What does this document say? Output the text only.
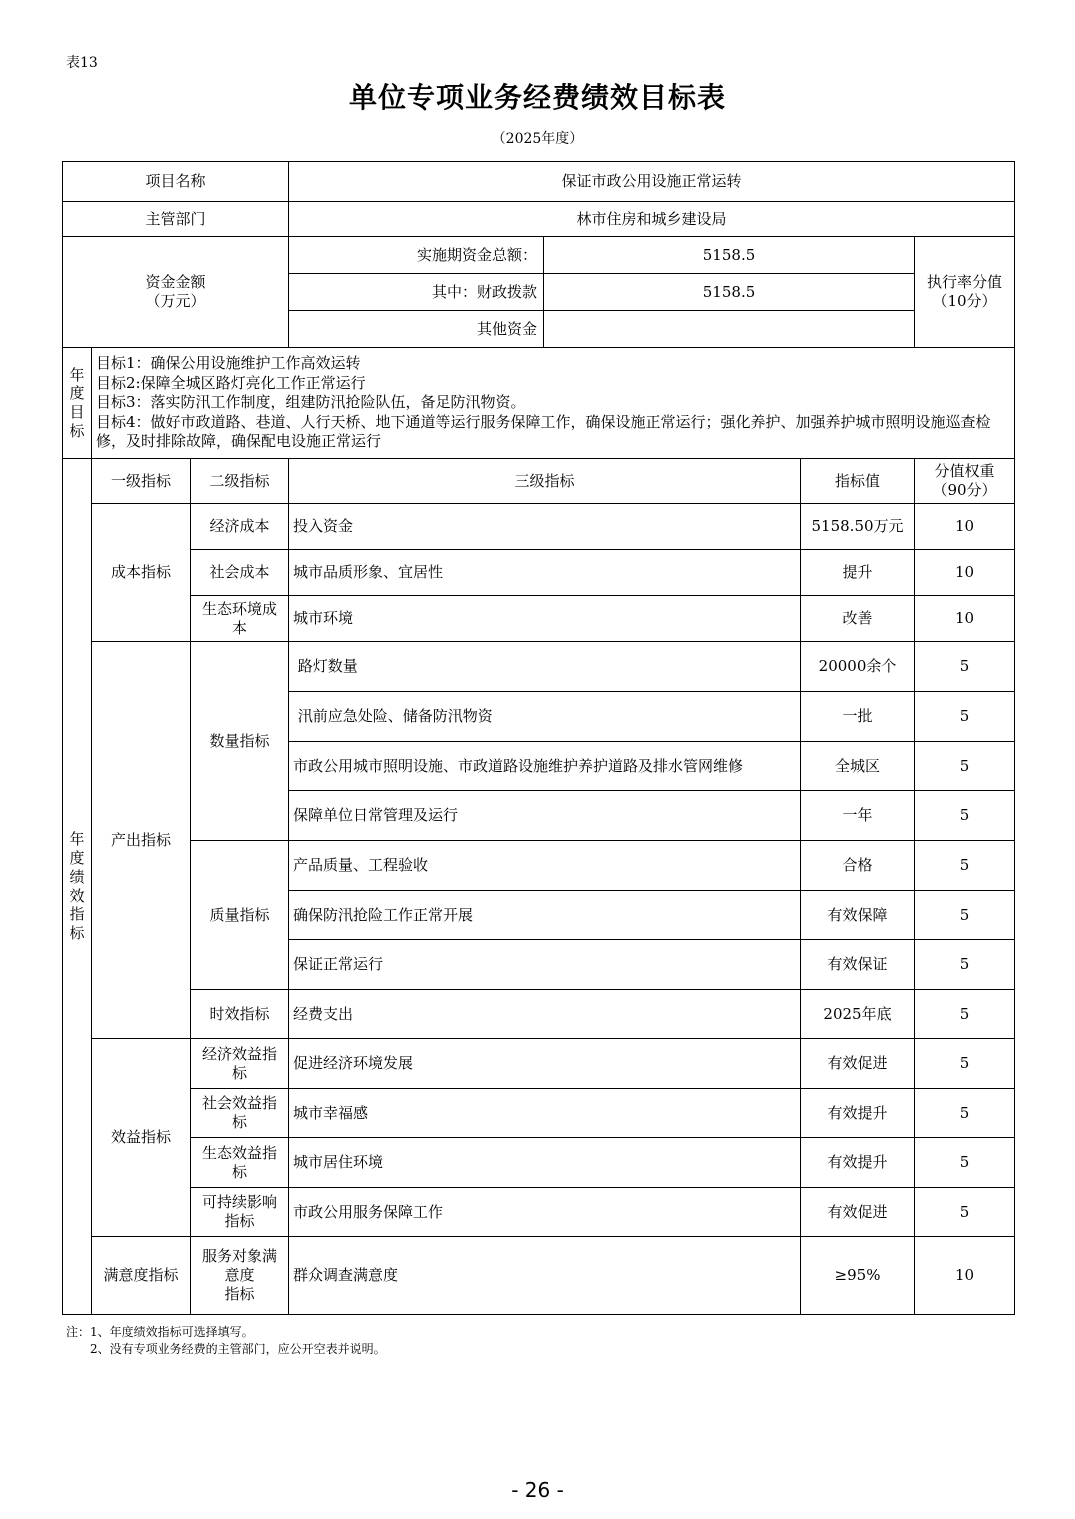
表13
单位专项业务经费绩效目标表
（2025年度）
项目名称			保证市政公用设施正常运转			
主管部门			林市住房和城乡建设局			
资金金额
（万元）			实施期资金总额：	5158.5		执行率分值
（10分）
			其中：财政拨款	5158.5		
			其他资金			
年度目标	目标1：确保公用设施维护工作高效运转
目标2:保障全城区路灯亮化工作正常运行
目标3：落实防汛工作制度，组建防汛抢险队伍，备足防汛物资。
目标4：做好市政道路、巷道、人行天桥、地下通道等运行服务保障工作，确保设施正常运行；强化养护、加强养护城市照明设施巡查检修，及时排除故障，确保配电设施正常运行					

年度绩效指标	一级指标	二级指标	三级指标		指标值	分值权重
（90分）
	成本指标	经济成本	投入资金		5158.50万元	10
		社会成本	城市品质形象、宜居性		提升	10
		生态环境成本	城市环境		改善	10
	产出指标	数量指标	路灯数量		20000余个	5
			汛前应急处险、储备防汛物资		一批	5
			市政公用城市照明设施、市政道路设施维护养护道路及排水管网维修		全城区	5
			保障单位日常管理及运行		一年	5
		质量指标	产品质量、工程验收		合格	5
			确保防汛抢险工作正常开展		有效保障	5
			保证正常运行		有效保证	5
		时效指标	经费支出		2025年底	5
	效益指标	经济效益指标	促进经济环境发展		有效促进	5
		社会效益指标	城市幸福感		有效提升	5
		生态效益指标	城市居住环境		有效提升	5
		可持续影响指标	市政公用服务保障工作		有效促进	5
	满意度指标	服务对象满意度
指标	群众调查满意度		≥95%	10
注：1、年度绩效指标可选择填写。
2、没有专项业务经费的主管部门，应公开空表并说明。
- 26 -
